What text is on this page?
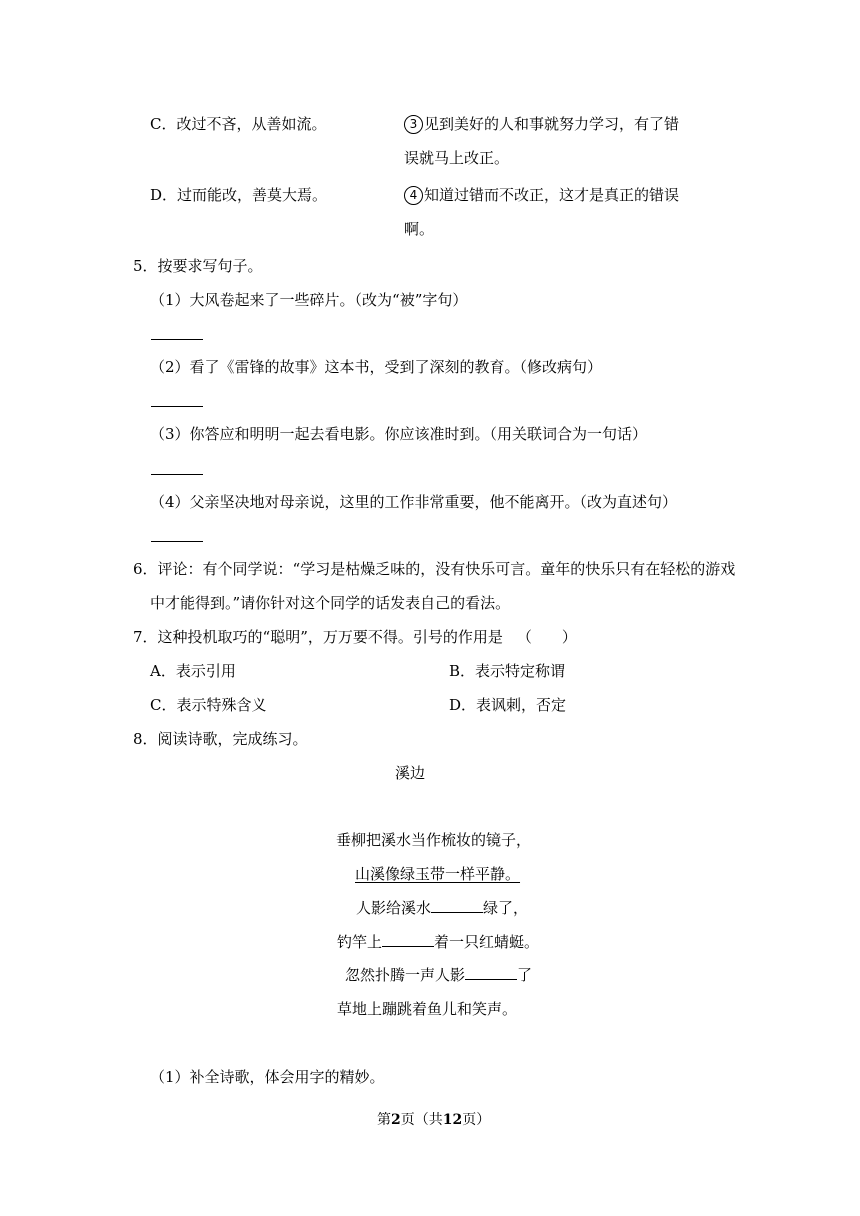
C．改过不吝，从善如流。	3 见到美好的人和事就努力学习，有了错
误就马上改正。
D．过而能改，善莫大焉。	4 知道过错而不改正，这才是真正的错误
啊。
5．按要求写句子。
（1）大风卷起来了一些碎片。（改为“被”字句）
（2）看了《雷锋的故事》这本书，受到了深刻的教育。（修改病句）
（3）你答应和明明一起去看电影。你应该准时到。（用关联词合为一句话）
（4）父亲坚决地对母亲说，这里的工作非常重要，他不能离开。（改为直述句）
6．评论：有个同学说：“学习是枯燥乏味的，没有快乐可言。童年的快乐只有在轻松的游戏
中才能得到。”请你针对这个同学的话发表自己的看法。
7．这种投机取巧的“聪明”，万万要不得。引号的作用是 （　　）
A．表示引用	B．表示特定称谓
C．表示特殊含义	D．表讽刺，否定
8．阅读诗歌，完成练习。
溪边
垂柳把溪水当作梳妆的镜子，
山溪像绿玉带一样平静。
人影给溪水	绿了，
钓竿上	着一只红蜻蜓。
忽然扑腾一声人影	了
草地上蹦跳着鱼儿和笑声。
（1）补全诗歌，体会用字的精妙。
第2页（共12页）
